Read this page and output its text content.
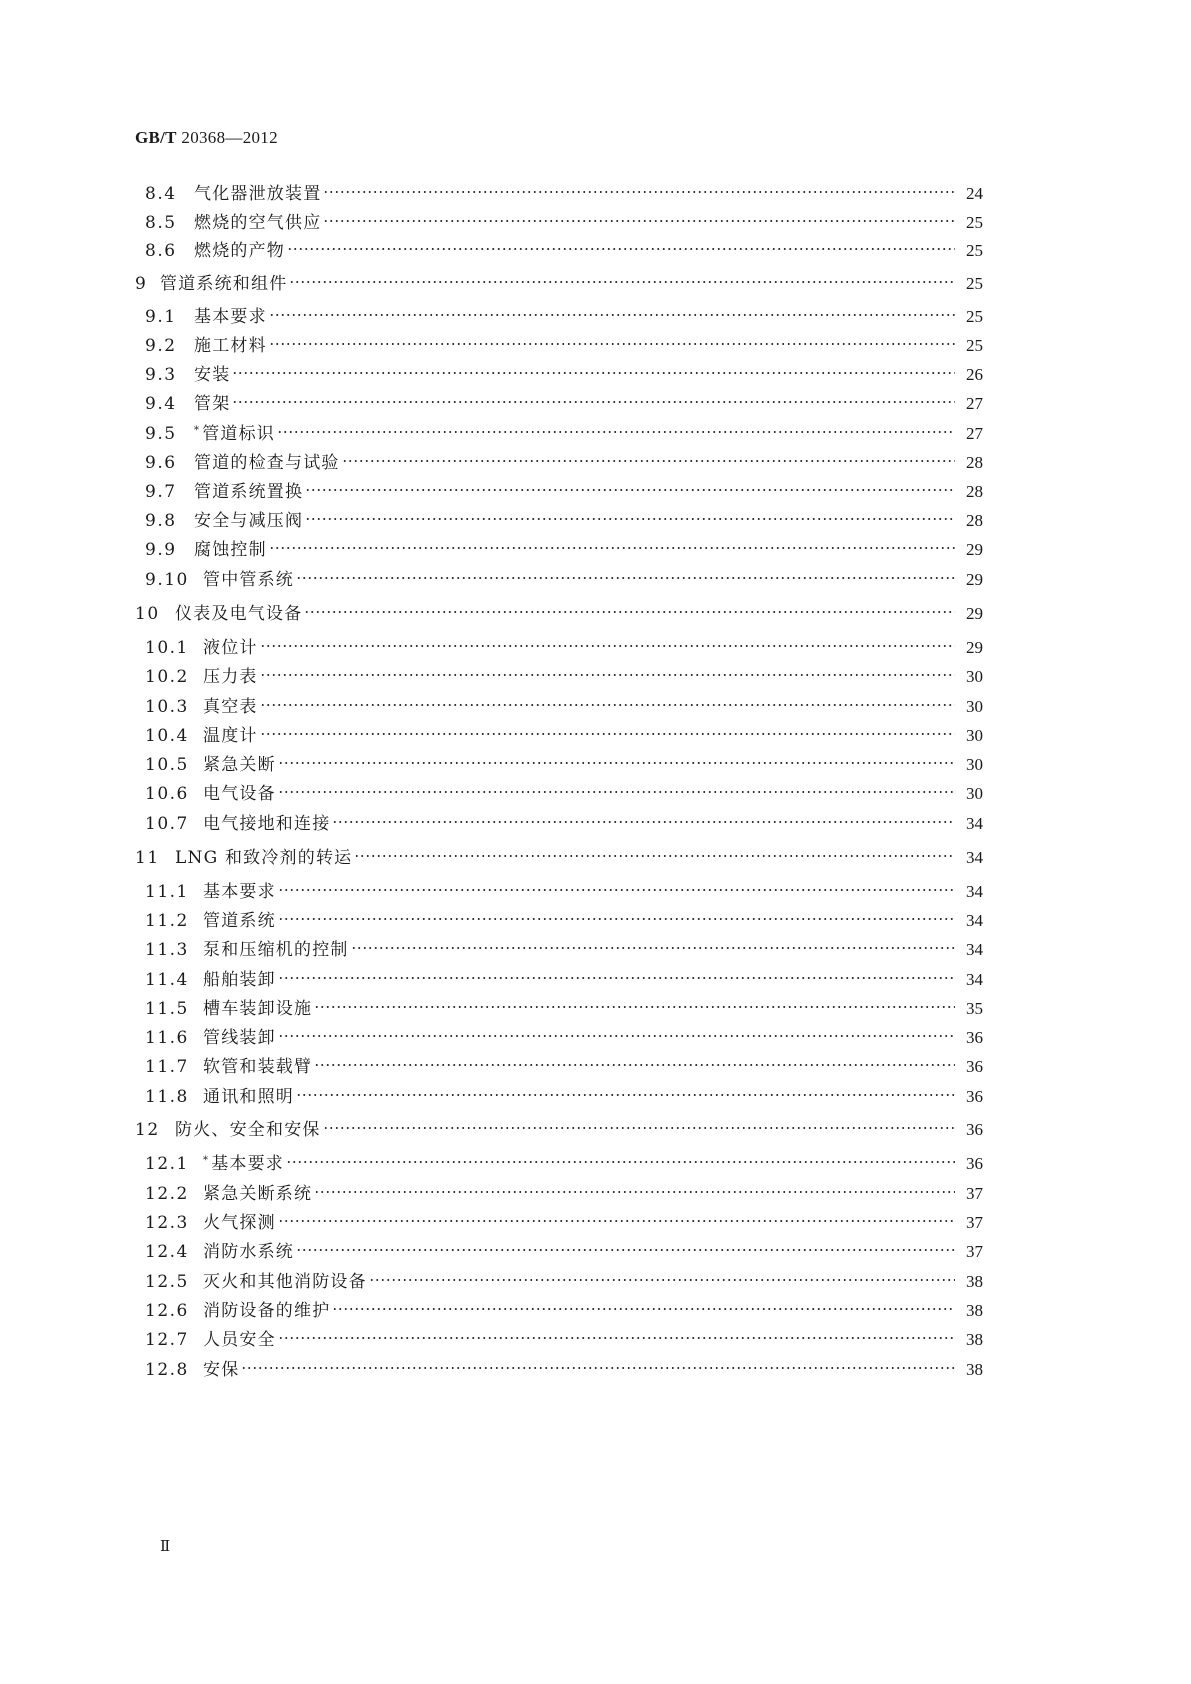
GB/T 20368—2012
8.4	气化器泄放装置	24
8.5	燃烧的空气供应	25
8.6	燃烧的产物	25
9 管道系统和组件	25
9.1	基本要求	25
9.2	施工材料	25
9.3	安装	26
9.4	管架	27
9.5	* 管道标识	27
9.6	管道的检查与试验	28
9.7	管道系统置换	28
9.8	安全与减压阀	28
9.9	腐蚀控制	29
9.10 管中管系统	29
10 仪表及电气设备	29
10.1 液位计	29
10.2 压力表	30
10.3 真空表	30
10.4 温度计	30
10.5 紧急关断	30
10.6 电气设备	30
10.7 电气接地和连接	34
11 LNG 和致冷剂的转运	34
11.1 基本要求	34
11.2 管道系统	34
11.3 泵和压缩机的控制	34
11.4 船舶装卸	34
11.5 槽车装卸设施	35
11.6 管线装卸	36
11.7 软管和装载臂	36
11.8 通讯和照明	36
12 防火、安全和安保	36
12.1	* 基本要求	36
12.2 紧急关断系统	37
12.3 火气探测	37
12.4 消防水系统	37
12.5 灭火和其他消防设备	38
12.6 消防设备的维护	38
12.7 人员安全	38
12.8 安保	38
Ⅱ
